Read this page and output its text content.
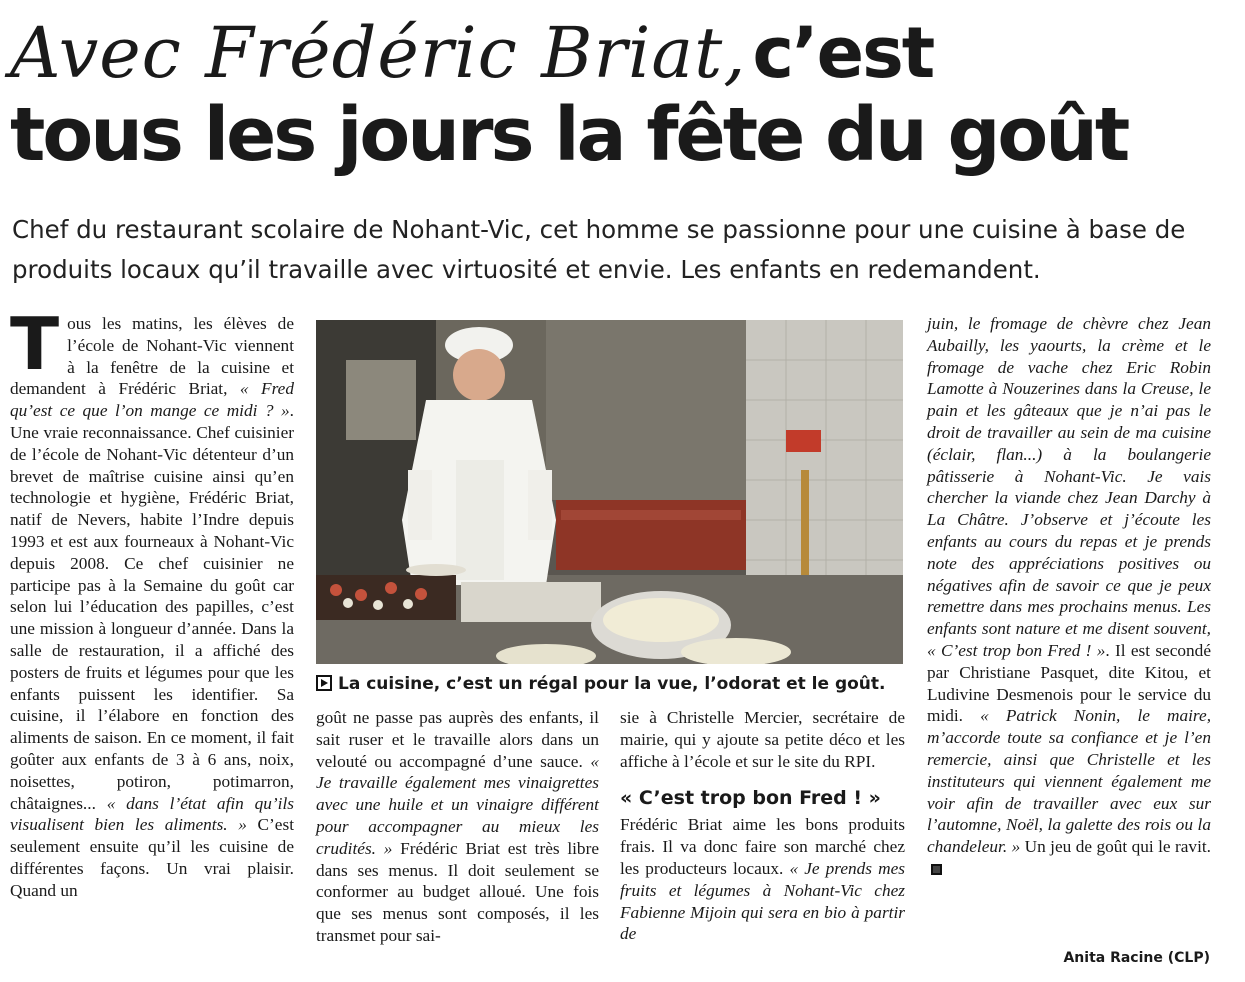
Avec Frédéric Briat,c’est
tous les jours la fête du goût
Chef du restaurant scolaire de Nohant-Vic, cet homme se passionne pour une cuisine à base de produits locaux qu’il travaille avec virtuosité et envie. Les enfants en redemandent.

Tous les matins, les élèves de l’école de Nohant-Vic viennent à la fenêtre de la cuisine et demandent à Frédéric Briat, « Fred qu’est ce que l’on mange ce midi ? ». Une vraie reconnaissance. Chef cuisinier de l’école de Nohant-Vic détenteur d’un brevet de maîtrise cuisine ainsi qu’en technologie et hygiène, Frédéric Briat, natif de Nevers, habite l’Indre depuis 1993 et est aux fourneaux à Nohant-Vic depuis 2008. Ce chef cuisinier ne participe pas à la Semaine du goût car selon lui l’éducation des papilles, c’est une mission à longueur d’année. Dans la salle de restauration, il a affiché des posters de fruits et légumes pour que les enfants puissent les identifier. Sa cuisine, il l’élabore en fonction des aliments de saison. En ce moment, il fait goûter aux enfants de 3 à 6 ans, noix, noisettes, potiron, potimarron, châtaignes... « dans l’état afin qu’ils visualisent bien les aliments. » C’est seulement ensuite qu’il les cuisine de différentes façons. Un vrai plaisir. Quand un

La cuisine, c’est un régal pour la vue, l’odorat et le goût.

goût ne passe pas auprès des enfants, il sait ruser et le travaille alors dans un velouté ou accompagné d’une sauce. « Je travaille également mes vinaigrettes avec une huile et un vinaigre différent pour accompagner au mieux les crudités. » Frédéric Briat est très libre dans ses menus. Il doit seulement se conformer au budget alloué. Une fois que ses menus sont composés, il les transmet pour sai-

sie à Christelle Mercier, secrétaire de mairie, qui y ajoute sa petite déco et les affiche à l’école et sur le site du RPI.

« C’est trop bon Fred ! »

Frédéric Briat aime les bons produits frais. Il va donc faire son marché chez les producteurs locaux. « Je prends mes fruits et légumes à Nohant-Vic chez Fabienne Mijoin qui sera en bio à partir de

juin, le fromage de chèvre chez Jean Aubailly, les yaourts, la crème et le fromage de vache chez Eric Robin Lamotte à Nouzerines dans la Creuse, le pain et les gâteaux que je n’ai pas le droit de travailler au sein de ma cuisine (éclair, flan...) à la boulangerie pâtisserie à Nohant-Vic. Je vais chercher la viande chez Jean Darchy à La Châtre. J’observe et j’écoute les enfants au cours du repas et je prends note des appréciations positives ou négatives afin de savoir ce que je peux remettre dans mes prochains menus. Les enfants sont nature et me disent souvent, « C’est trop bon Fred ! ». Il est secondé par Christiane Pasquet, dite Kitou, et Ludivine Desmenois pour le service du midi. « Patrick Nonin, le maire, m’accorde toute sa confiance et je l’en remercie, ainsi que Christelle et les instituteurs qui viennent également me voir afin de travailler avec eux sur l’automne, Noël, la galette des rois ou la chandeleur. » Un jeu de goût qui le ravit.

Anita Racine (CLP)
